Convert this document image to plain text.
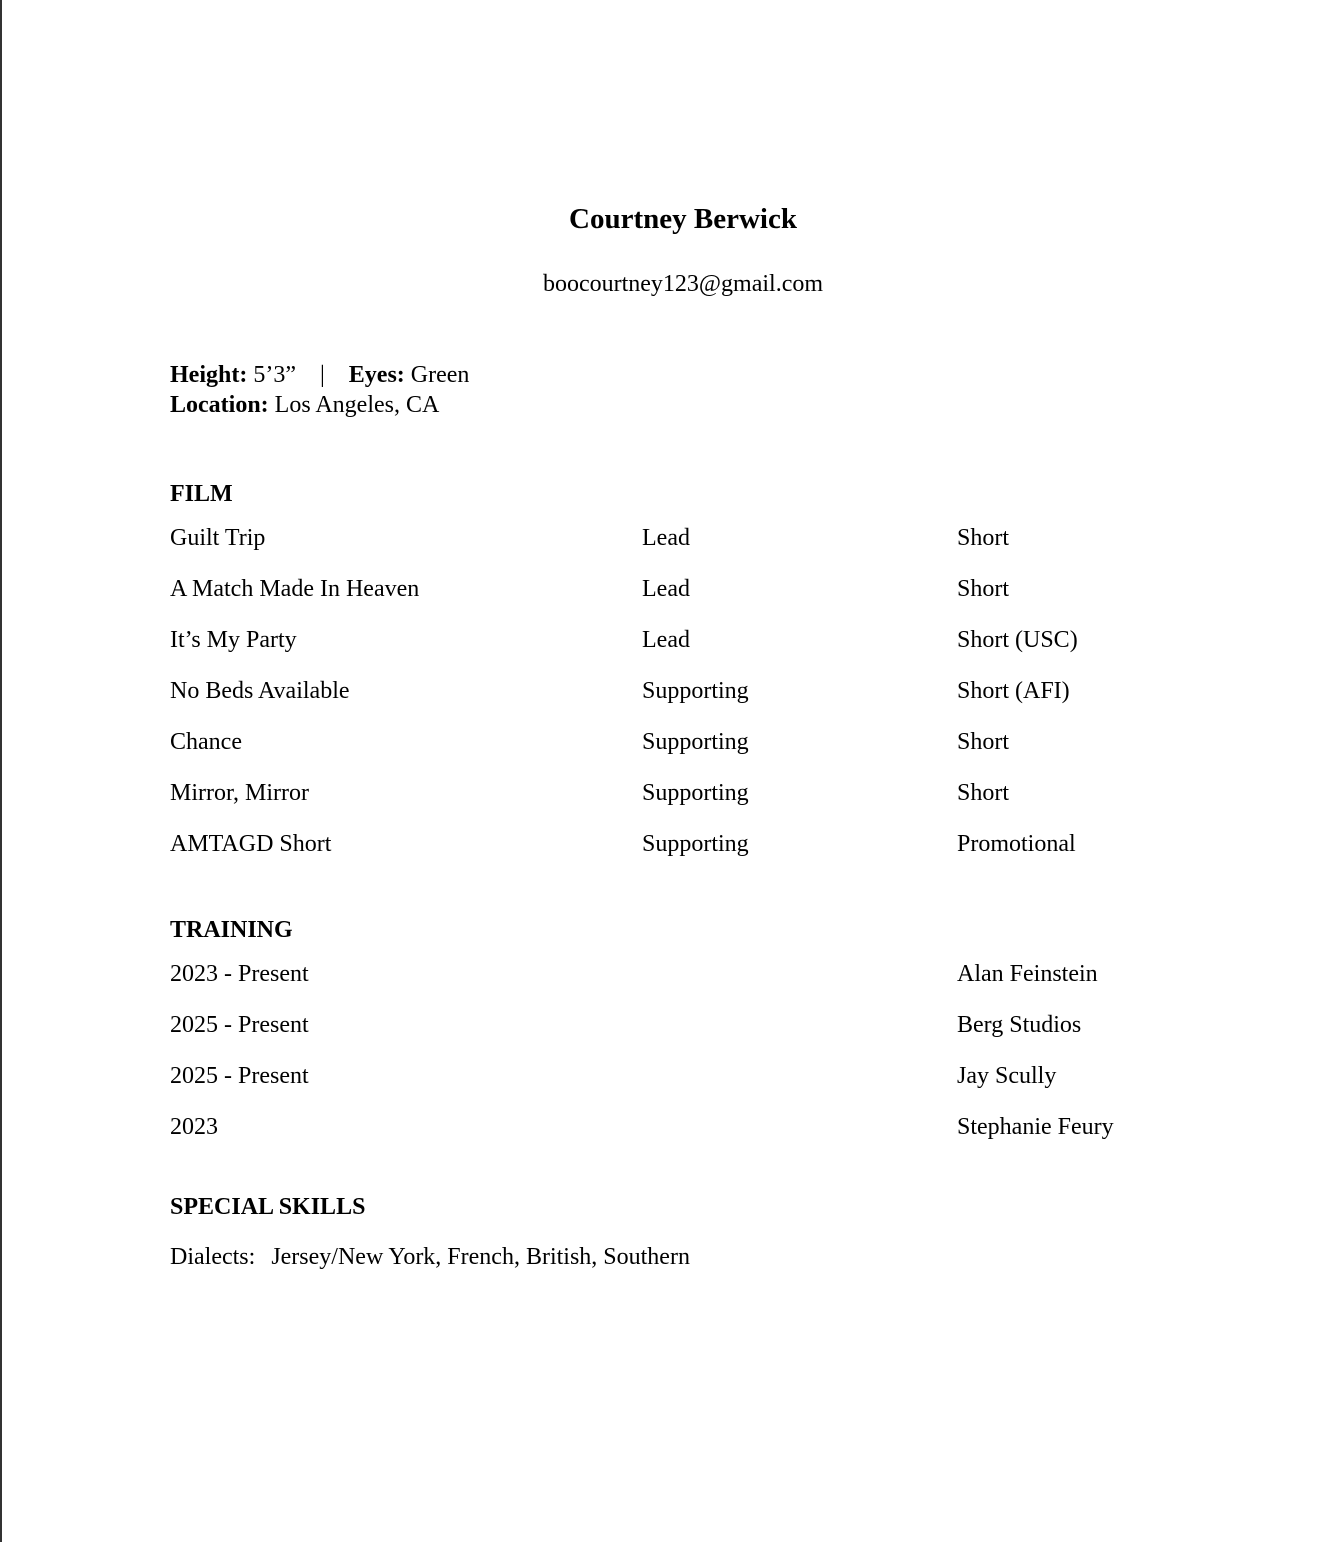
Courtney Berwick
boocourtney123@gmail.com
Height: 5’3” | Eyes: Green
Location: Los Angeles, CA
FILM
Guilt Trip	Lead	Short
A Match Made In Heaven	Lead	Short
It’s My Party	Lead	Short (USC)
No Beds Available	Supporting	Short (AFI)
Chance	Supporting	Short
Mirror, Mirror	Supporting	Short
AMTAGD Short	Supporting	Promotional
TRAINING
2023 - Present	Alan Feinstein
2025 - Present	Berg Studios
2025 - Present	Jay Scully
2023	Stephanie Feury
SPECIAL SKILLS
Dialects: Jersey/New York, French, British, Southern
